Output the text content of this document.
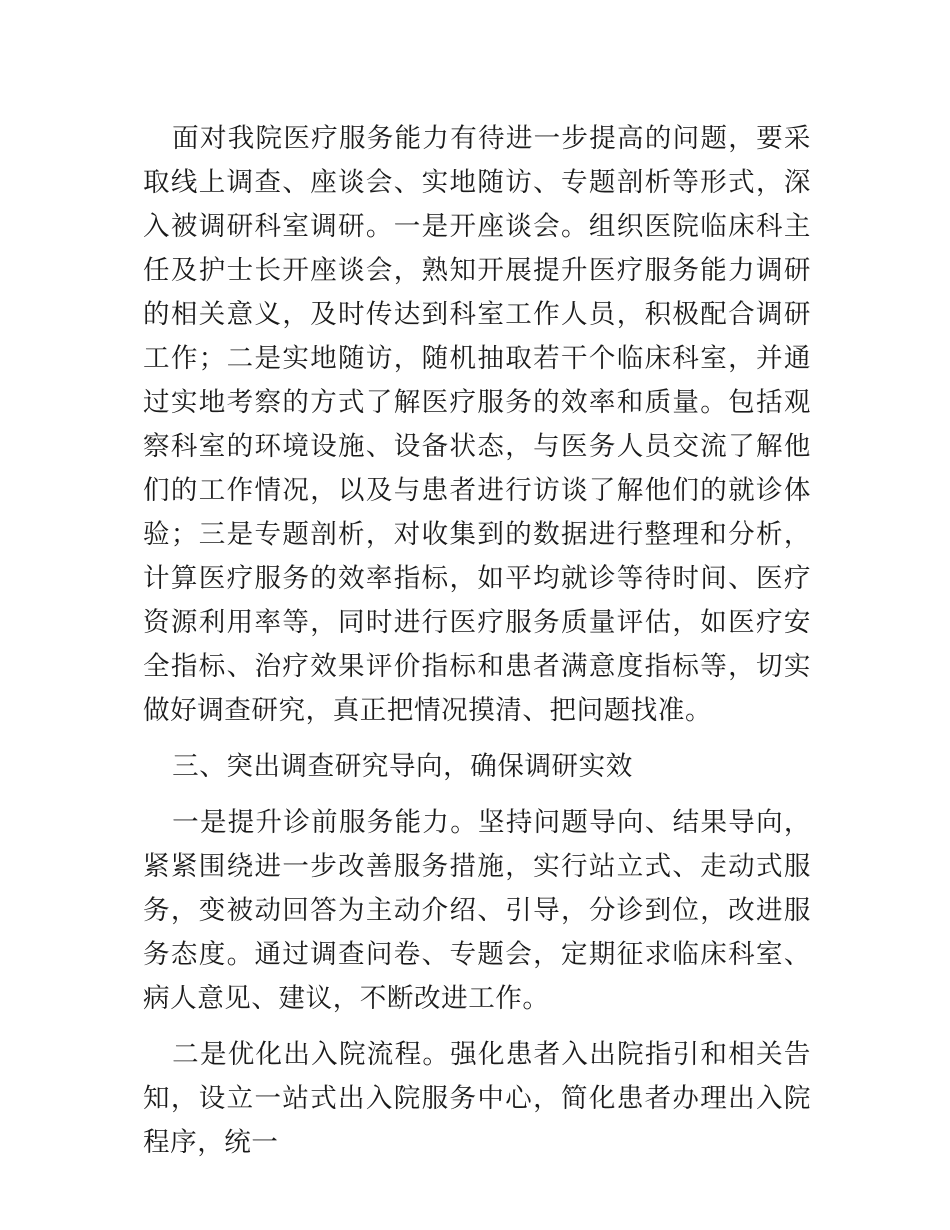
面对我院医疗服务能力有待进一步提高的问题，要采取线上调查、座谈会、实地随访、专题剖析等形式，深入被调研科室调研。一是开座谈会。组织医院临床科主任及护士长开座谈会，熟知开展提升医疗服务能力调研的相关意义，及时传达到科室工作人员，积极配合调研工作；二是实地随访，随机抽取若干个临床科室，并通过实地考察的方式了解医疗服务的效率和质量。包括观察科室的环境设施、设备状态，与医务人员交流了解他们的工作情况，以及与患者进行访谈了解他们的就诊体验；三是专题剖析，对收集到的数据进行整理和分析，计算医疗服务的效率指标，如平均就诊等待时间、医疗资源利用率等，同时进行医疗服务质量评估，如医疗安全指标、治疗效果评价指标和患者满意度指标等，切实做好调查研究，真正把情况摸清、把问题找准。

三、突出调查研究导向，确保调研实效

一是提升诊前服务能力。坚持问题导向、结果导向，紧紧围绕进一步改善服务措施，实行站立式、走动式服务，变被动回答为主动介绍、引导，分诊到位，改进服务态度。通过调查问卷、专题会，定期征求临床科室、病人意见、建议，不断改进工作。

二是优化出入院流程。强化患者入出院指引和相关告知，设立一站式出入院服务中心，简化患者办理出入院程序，统一
